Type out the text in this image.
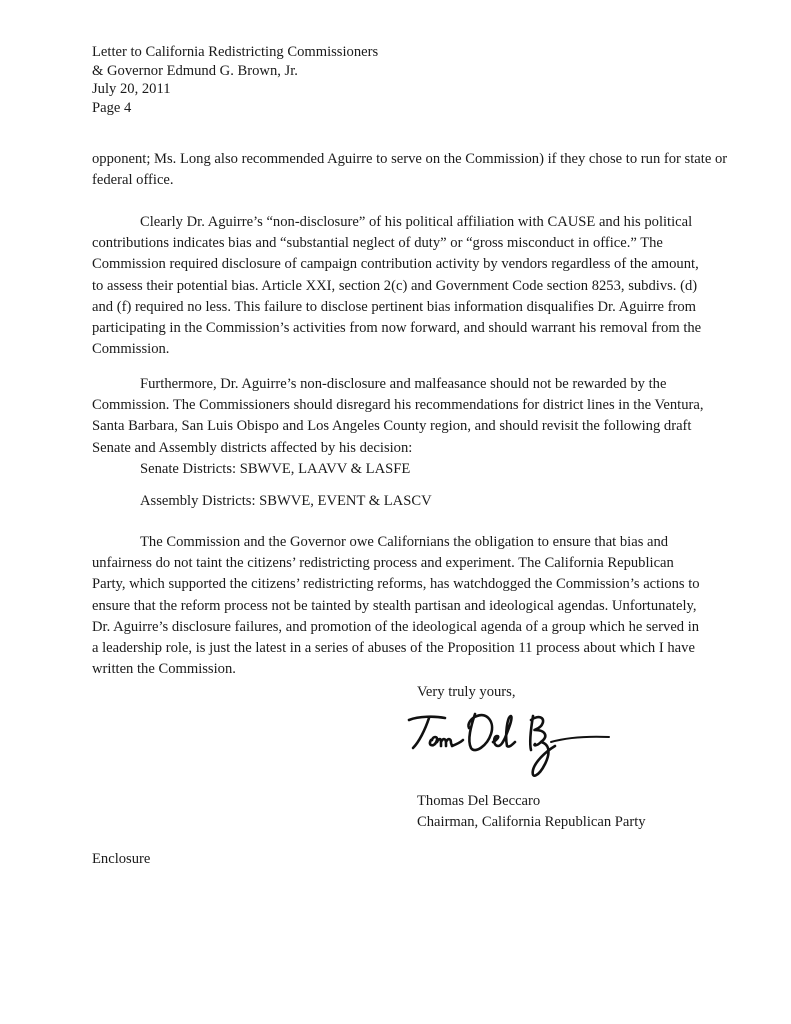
Letter to California Redistricting Commissioners
& Governor Edmund G. Brown, Jr.
July 20, 2011
Page 4

opponent; Ms. Long also recommended Aguirre to serve on the Commission) if they chose to run for state or federal office.

Clearly Dr. Aguirre’s “non-disclosure” of his political affiliation with CAUSE and his political contributions indicates bias and “substantial neglect of duty” or “gross misconduct in office.” The Commission required disclosure of campaign contribution activity by vendors regardless of the amount, to assess their potential bias. Article XXI, section 2(c) and Government Code section 8253, subdivs. (d) and (f) required no less. This failure to disclose pertinent bias information disqualifies Dr. Aguirre from participating in the Commission’s activities from now forward, and should warrant his removal from the Commission.

Furthermore, Dr. Aguirre’s non-disclosure and malfeasance should not be rewarded by the Commission. The Commissioners should disregard his recommendations for district lines in the Ventura, Santa Barbara, San Luis Obispo and Los Angeles County region, and should revisit the following draft Senate and Assembly districts affected by his decision:

Senate Districts: SBWVE, LAAVV & LASFE
Assembly Districts: SBWVE, EVENT & LASCV

The Commission and the Governor owe Californians the obligation to ensure that bias and unfairness do not taint the citizens’ redistricting process and experiment. The California Republican Party, which supported the citizens’ redistricting reforms, has watchdogged the Commission’s actions to ensure that the reform process not be tainted by stealth partisan and ideological agendas. Unfortunately, Dr. Aguirre’s disclosure failures, and promotion of the ideological agenda of a group which he served in a leadership role, is just the latest in a series of abuses of the Proposition 11 process about which I have written the Commission.

Very truly yours,
Thomas Del Beccaro
Chairman, California Republican Party
Enclosure
